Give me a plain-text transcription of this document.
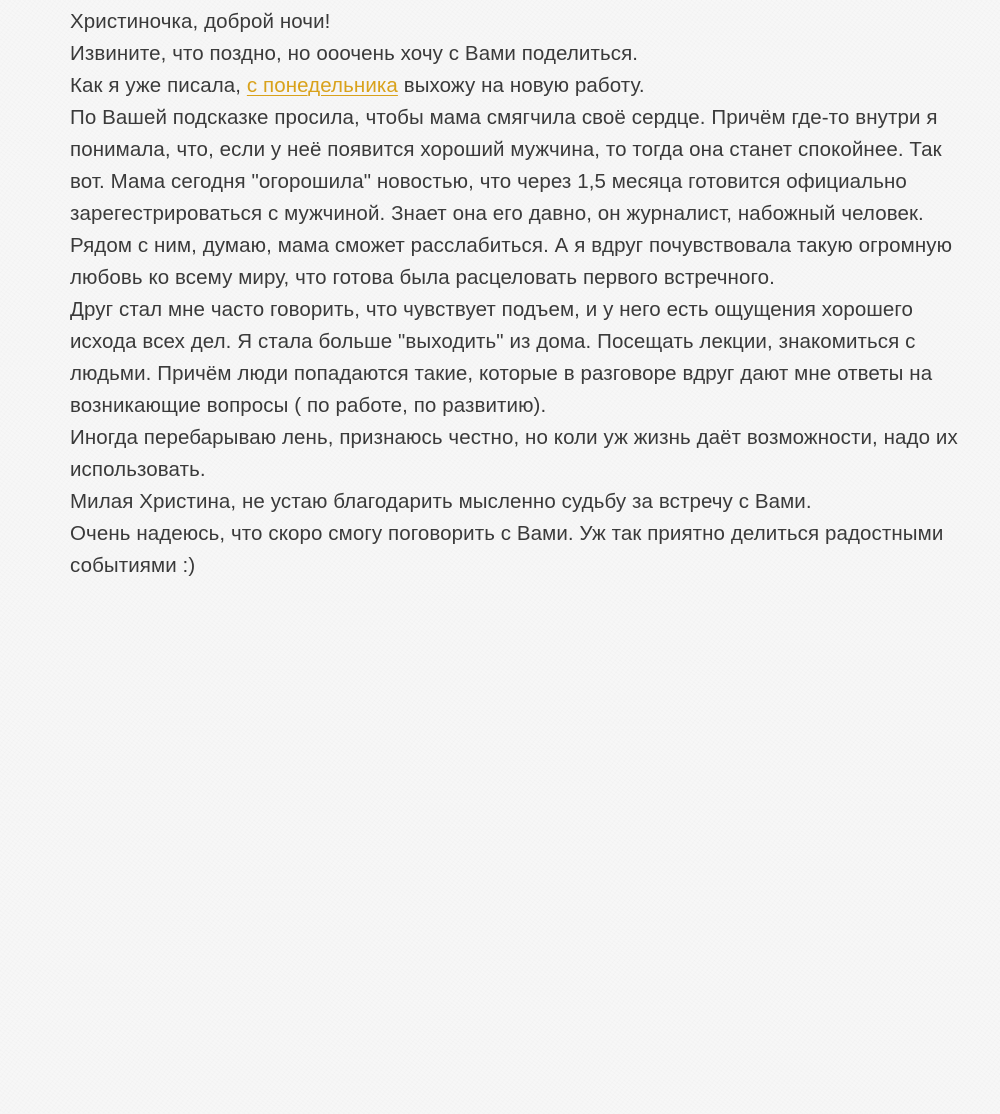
Христиночка, доброй ночи!

Извините, что поздно, но ооочень хочу с Вами поделиться.

Как я уже писала, с понедельника выхожу на новую работу.

По Вашей подсказке просила, чтобы мама смягчила своё сердце. Причём где-то внутри я понимала, что, если у неё появится хороший мужчина, то тогда она станет спокойнее. Так вот. Мама сегодня "огорошила" новостью, что через 1,5 месяца готовится официально зарегестрироваться с мужчиной. Знает она его давно, он журналист, набожный человек. Рядом с ним, думаю, мама сможет расслабиться. А я вдруг почувствовала такую огромную любовь ко всему миру, что готова была расцеловать первого встречного.

Друг стал мне часто говорить, что чувствует подъем, и у него есть ощущения хорошего исхода всех дел. Я стала больше "выходить" из дома. Посещать лекции, знакомиться с людьми. Причём люди попадаются такие, которые в разговоре вдруг дают мне ответы на возникающие вопросы ( по работе, по развитию).

Иногда перебарываю лень, признаюсь честно, но коли уж жизнь даёт возможности, надо их использовать.

Милая Христина, не устаю благодарить мысленно судьбу за встречу с Вами.

Очень надеюсь, что скоро смогу поговорить с Вами. Уж так приятно делиться радостными событиями :)
